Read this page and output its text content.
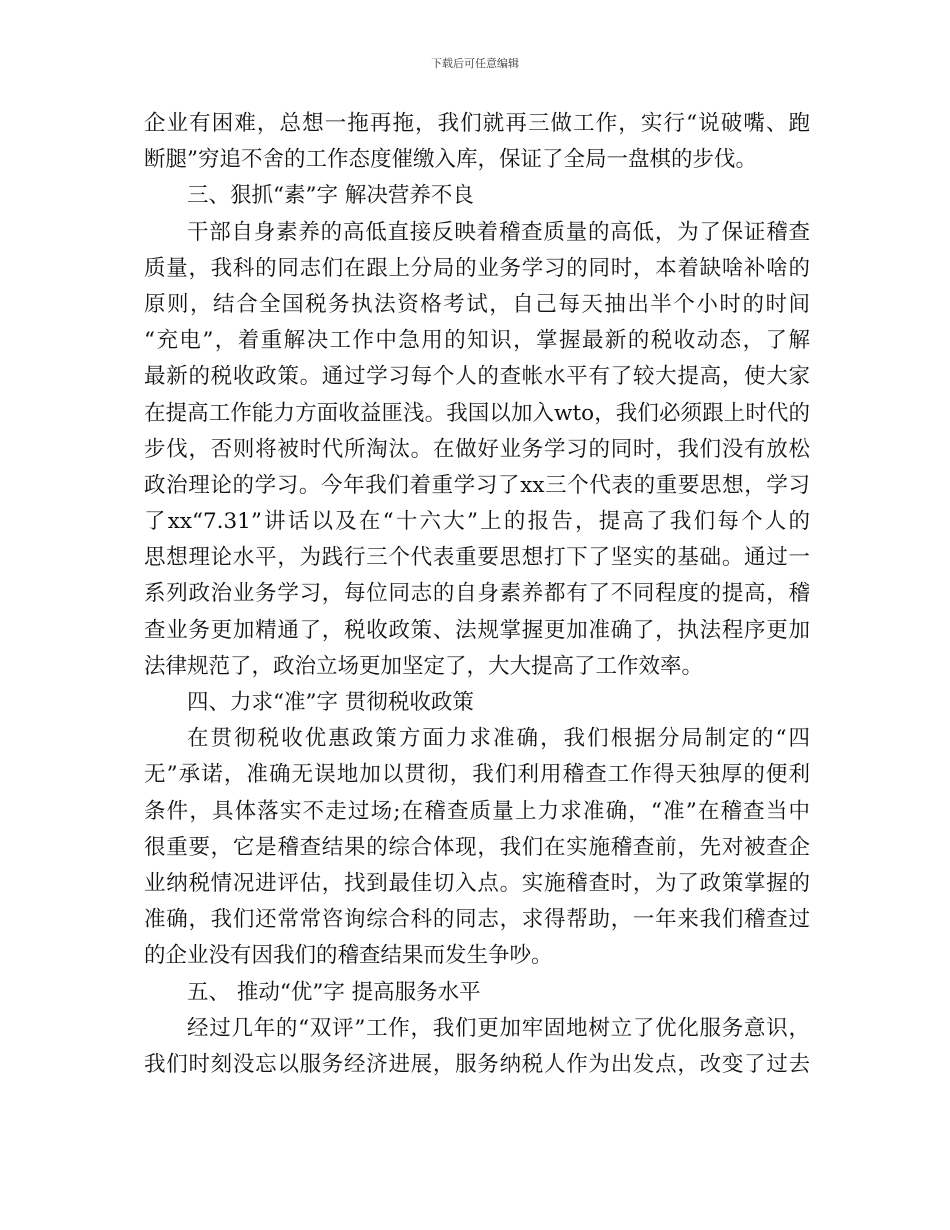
下载后可任意编辑
企业有困难，总想一拖再拖，我们就再三做工作，实行“说破嘴、跑
断腿”穷追不舍的工作态度催缴入库，保证了全局一盘棋的步伐。
三、狠抓“素”字 解决营养不良
干部自身素养的高低直接反映着稽查质量的高低，为了保证稽查
质量，我科的同志们在跟上分局的业务学习的同时，本着缺啥补啥的
原则，结合全国税务执法资格考试，自己每天抽出半个小时的时间
“充电”，着重解决工作中急用的知识，掌握最新的税收动态，了解
最新的税收政策。通过学习每个人的查帐水平有了较大提高，使大家
在提高工作能力方面收益匪浅。我国以加入wto，我们必须跟上时代的
步伐，否则将被时代所淘汰。在做好业务学习的同时，我们没有放松
政治理论的学习。今年我们着重学习了xx三个代表的重要思想，学习
了xx“7.31”讲话以及在“十六大”上的报告，提高了我们每个人的
思想理论水平，为践行三个代表重要思想打下了坚实的基础。通过一
系列政治业务学习，每位同志的自身素养都有了不同程度的提高，稽
查业务更加精通了，税收政策、法规掌握更加准确了，执法程序更加
法律规范了，政治立场更加坚定了，大大提高了工作效率。
四、力求“准”字 贯彻税收政策
在贯彻税收优惠政策方面力求准确，我们根据分局制定的“四
无”承诺，准确无误地加以贯彻，我们利用稽查工作得天独厚的便利
条件，具体落实不走过场;在稽查质量上力求准确，“准”在稽查当中
很重要，它是稽查结果的综合体现，我们在实施稽查前，先对被查企
业纳税情况进评估，找到最佳切入点。实施稽查时，为了政策掌握的
准确，我们还常常咨询综合科的同志，求得帮助，一年来我们稽查过
的企业没有因我们的稽查结果而发生争吵。
五、 推动“优”字 提高服务水平
经过几年的“双评”工作，我们更加牢固地树立了优化服务意识，
我们时刻没忘以服务经济进展，服务纳税人作为出发点，改变了过去
